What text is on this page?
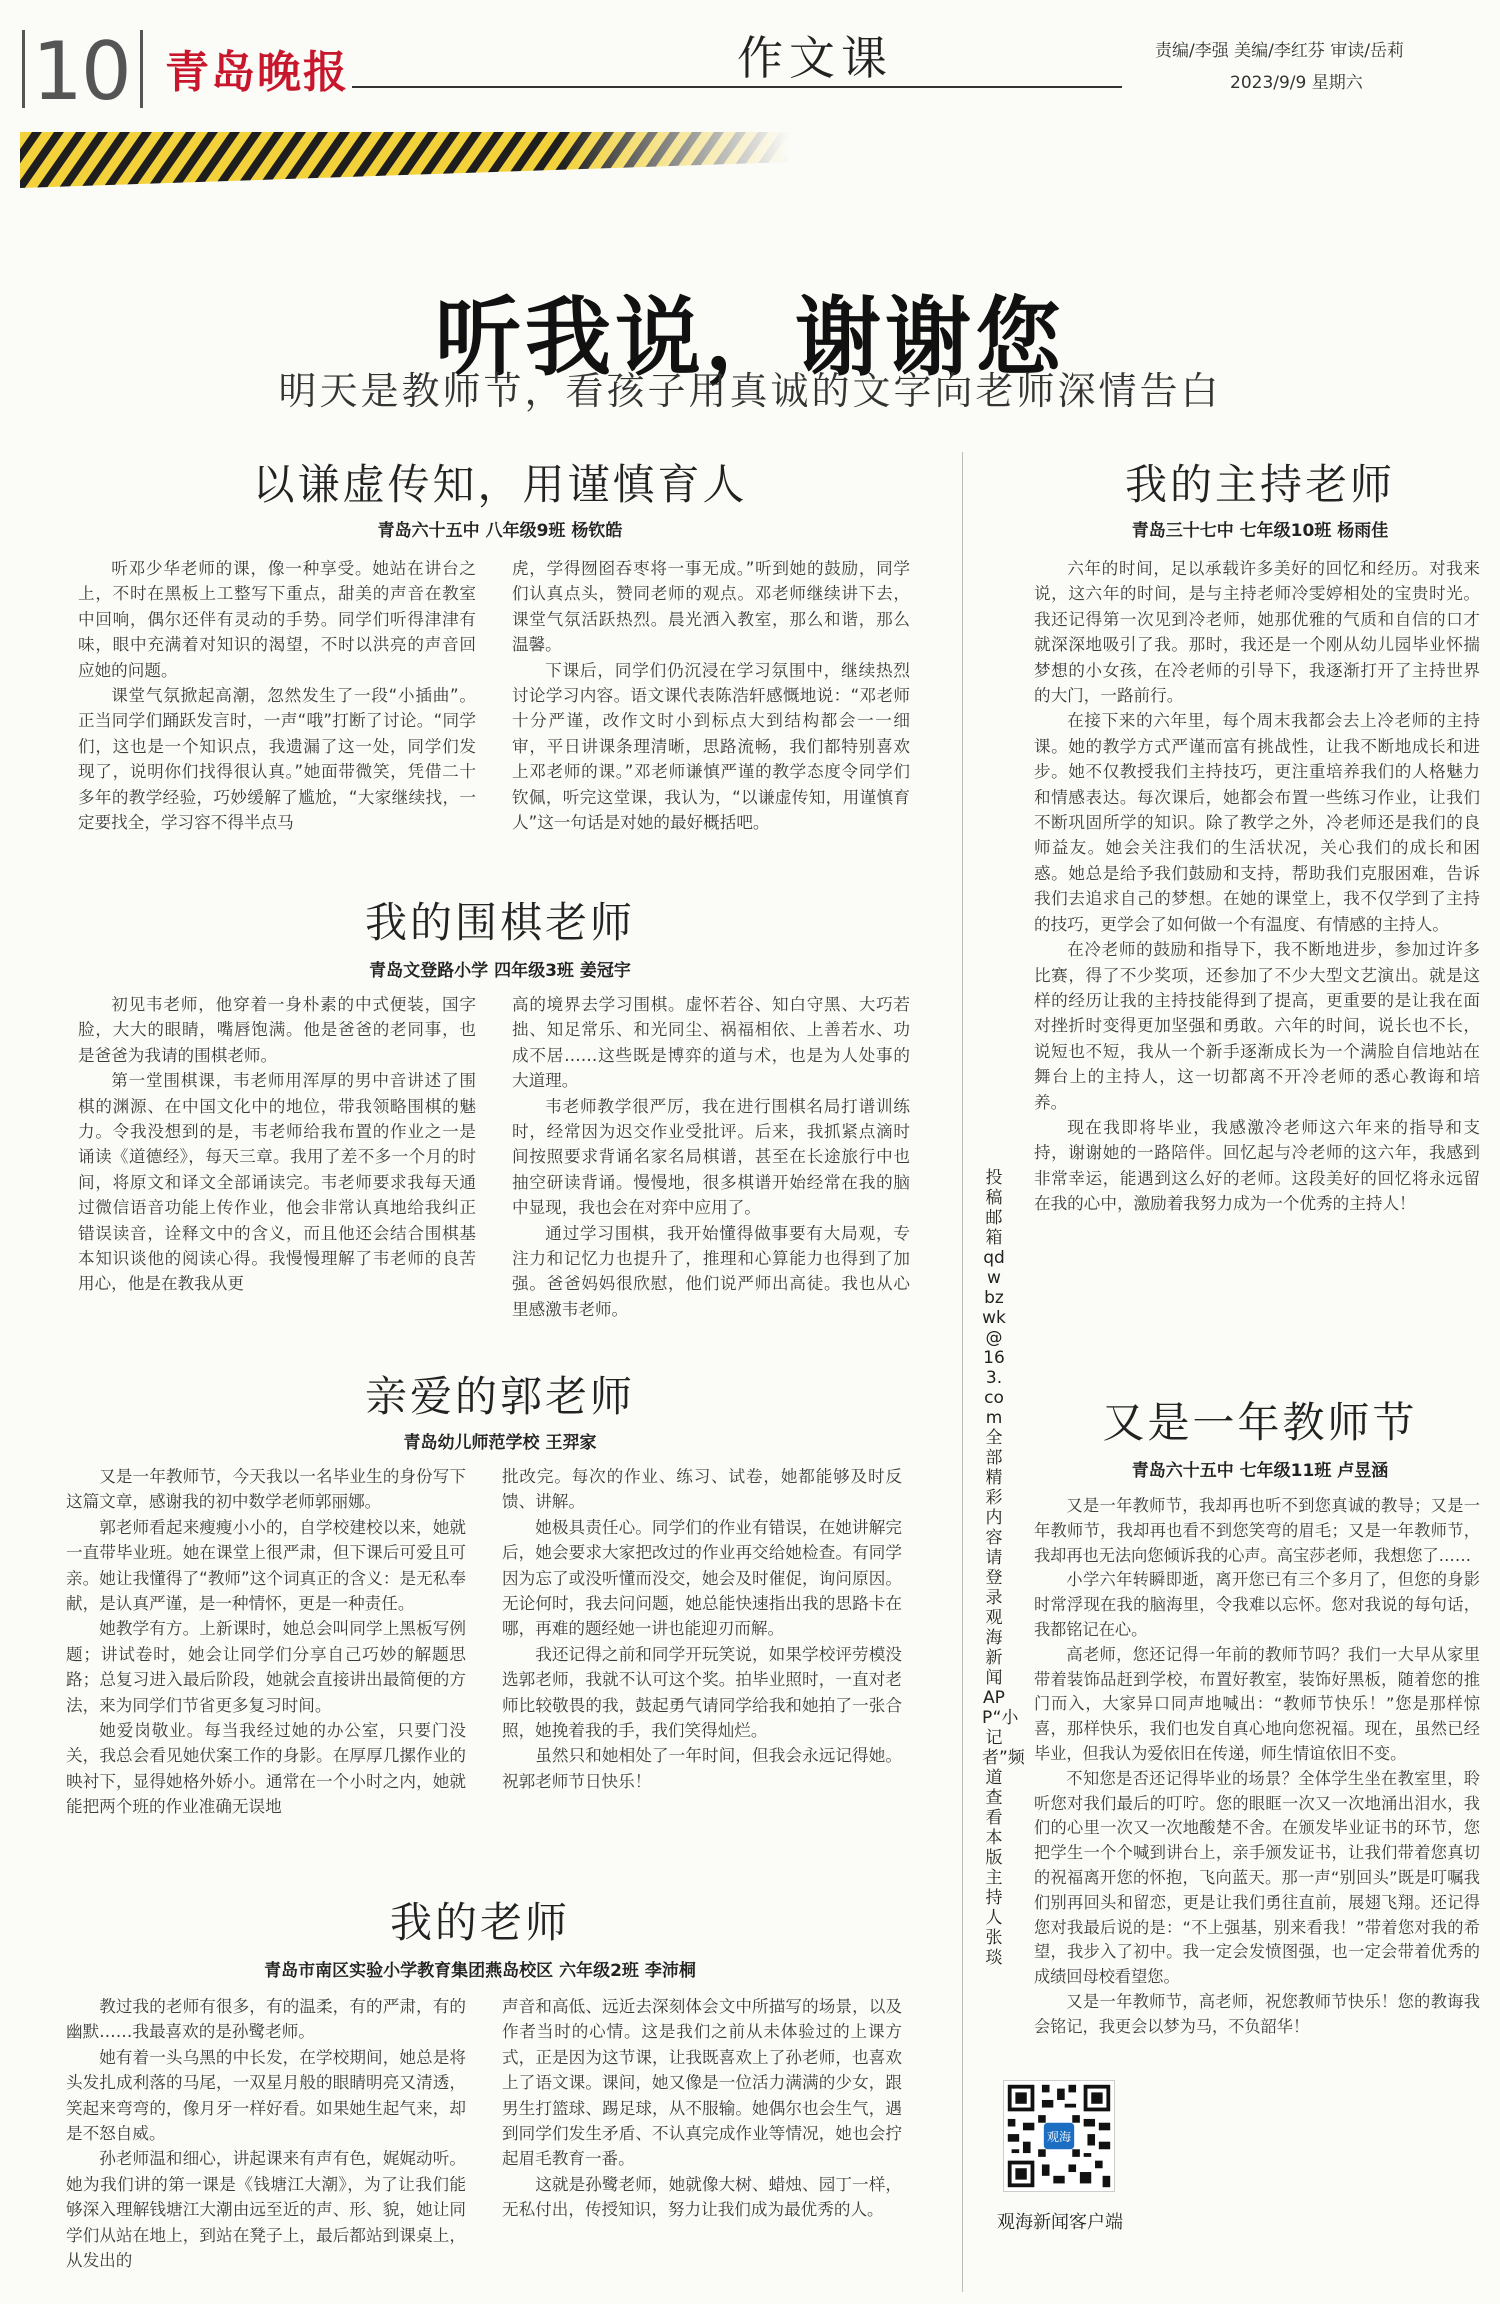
10 青岛晚报	作文课	责编/李强 美编/李红芬 审读/岳莉
2023/9/9 星期六
听我说，谢谢您
明天是教师节，看孩子用真诚的文字向老师深情告白
以谦虚传知，用谨慎育人
青岛六十五中 八年级9班 杨钦皓

听邓少华老师的课，像一种享受。她站在讲台之上，不时在黑板上工整写下重点，甜美的声音在教室中回响，偶尔还伴有灵动的手势。同学们听得津津有味，眼中充满着对知识的渴望，不时以洪亮的声音回应她的问题。

课堂气氛掀起高潮，忽然发生了一段“小插曲”。正当同学们踊跃发言时，一声“哦”打断了讨论。“同学们，这也是一个知识点，我遗漏了这一处，同学们发现了，说明你们找得很认真。”她面带微笑，凭借二十多年的教学经验，巧妙缓解了尴尬，“大家继续找，一定要找全，学习容不得半点马

虎，学得囫囵吞枣将一事无成。”听到她的鼓励，同学们认真点头，赞同老师的观点。邓老师继续讲下去，课堂气氛活跃热烈。晨光洒入教室，那么和谐，那么温馨。

下课后，同学们仍沉浸在学习氛围中，继续热烈讨论学习内容。语文课代表陈浩轩感慨地说：“邓老师十分严谨，改作文时小到标点大到结构都会一一细审，平日讲课条理清晰，思路流畅，我们都特别喜欢上邓老师的课。”邓老师谦慎严谨的教学态度令同学们钦佩，听完这堂课，我认为，“以谦虚传知，用谨慎育人”这一句话是对她的最好概括吧。

我的围棋老师
青岛文登路小学 四年级3班 姜冠宇

初见韦老师，他穿着一身朴素的中式便装，国字脸，大大的眼睛，嘴唇饱满。他是爸爸的老同事，也是爸爸为我请的围棋老师。

第一堂围棋课，韦老师用浑厚的男中音讲述了围棋的渊源、在中国文化中的地位，带我领略围棋的魅力。令我没想到的是，韦老师给我布置的作业之一是诵读《道德经》，每天三章。我用了差不多一个月的时间，将原文和译文全部诵读完。韦老师要求我每天通过微信语音功能上传作业，他会非常认真地给我纠正错误读音，诠释文中的含义，而且他还会结合围棋基本知识谈他的阅读心得。我慢慢理解了韦老师的良苦用心，他是在教我从更

高的境界去学习围棋。虚怀若谷、知白守黑、大巧若拙、知足常乐、和光同尘、祸福相依、上善若水、功成不居……这些既是博弈的道与术，也是为人处事的大道理。

韦老师教学很严厉，我在进行围棋名局打谱训练时，经常因为迟交作业受批评。后来，我抓紧点滴时间按照要求背诵名家名局棋谱，甚至在长途旅行中也抽空研读背诵。慢慢地，很多棋谱开始经常在我的脑中显现，我也会在对弈中应用了。

通过学习围棋，我开始懂得做事要有大局观，专注力和记忆力也提升了，推理和心算能力也得到了加强。爸爸妈妈很欣慰，他们说严师出高徒。我也从心里感激韦老师。

亲爱的郭老师
青岛幼儿师范学校 王羿家

又是一年教师节，今天我以一名毕业生的身份写下这篇文章，感谢我的初中数学老师郭丽娜。

郭老师看起来瘦瘦小小的，自学校建校以来，她就一直带毕业班。她在课堂上很严肃，但下课后可爱且可亲。她让我懂得了“教师”这个词真正的含义：是无私奉献，是认真严谨，是一种情怀，更是一种责任。

她教学有方。上新课时，她总会叫同学上黑板写例题；讲试卷时，她会让同学们分享自己巧妙的解题思路；总复习进入最后阶段，她就会直接讲出最简便的方法，来为同学们节省更多复习时间。

她爱岗敬业。每当我经过她的办公室，只要门没关，我总会看见她伏案工作的身影。在厚厚几摞作业的映衬下，显得她格外娇小。通常在一个小时之内，她就能把两个班的作业准确无误地

批改完。每次的作业、练习、试卷，她都能够及时反馈、讲解。

她极具责任心。同学们的作业有错误，在她讲解完后，她会要求大家把改过的作业再交给她检查。有同学因为忘了或没听懂而没交，她会及时催促，询问原因。无论何时，我去问问题，她总能快速指出我的思路卡在哪，再难的题经她一讲也能迎刃而解。

我还记得之前和同学开玩笑说，如果学校评劳模没选郭老师，我就不认可这个奖。拍毕业照时，一直对老师比较敬畏的我，鼓起勇气请同学给我和她拍了一张合照，她挽着我的手，我们笑得灿烂。

虽然只和她相处了一年时间，但我会永远记得她。祝郭老师节日快乐！

我的老师
青岛市南区实验小学教育集团燕岛校区 六年级2班 李沛桐

教过我的老师有很多，有的温柔，有的严肃，有的幽默……我最喜欢的是孙鹭老师。

她有着一头乌黑的中长发，在学校期间，她总是将头发扎成利落的马尾，一双星月般的眼睛明亮又清透，笑起来弯弯的，像月牙一样好看。如果她生起气来，却是不怒自威。

孙老师温和细心，讲起课来有声有色，娓娓动听。她为我们讲的第一课是《钱塘江大潮》，为了让我们能够深入理解钱塘江大潮由远至近的声、形、貌，她让同学们从站在地上，到站在凳子上，最后都站到课桌上，从发出的

声音和高低、远近去深刻体会文中所描写的场景，以及作者当时的心情。这是我们之前从未体验过的上课方式，正是因为这节课，让我既喜欢上了孙老师，也喜欢上了语文课。课间，她又像是一位活力满满的少女，跟男生打篮球、踢足球，从不服输。她偶尔也会生气，遇到同学们发生矛盾、不认真完成作业等情况，她也会拧起眉毛教育一番。

这就是孙鹭老师，她就像大树、蜡烛、园丁一样，无私付出，传授知识，努力让我们成为最优秀的人。

投稿邮箱qdwbzwk@163.com全部精彩内容请登录观海新闻APP“小记者”频道查看 本版主持人 张琰
我的主持老师
青岛三十七中 七年级10班 杨雨佳

六年的时间，足以承载许多美好的回忆和经历。对我来说，这六年的时间，是与主持老师冷雯婷相处的宝贵时光。我还记得第一次见到冷老师，她那优雅的气质和自信的口才就深深地吸引了我。那时，我还是一个刚从幼儿园毕业怀揣梦想的小女孩，在冷老师的引导下，我逐渐打开了主持世界的大门，一路前行。

在接下来的六年里，每个周末我都会去上冷老师的主持课。她的教学方式严谨而富有挑战性，让我不断地成长和进步。她不仅教授我们主持技巧，更注重培养我们的人格魅力和情感表达。每次课后，她都会布置一些练习作业，让我们不断巩固所学的知识。除了教学之外，冷老师还是我们的良师益友。她会关注我们的生活状况，关心我们的成长和困惑。她总是给予我们鼓励和支持，帮助我们克服困难，告诉我们去追求自己的梦想。在她的课堂上，我不仅学到了主持的技巧，更学会了如何做一个有温度、有情感的主持人。

在冷老师的鼓励和指导下，我不断地进步，参加过许多比赛，得了不少奖项，还参加了不少大型文艺演出。就是这样的经历让我的主持技能得到了提高，更重要的是让我在面对挫折时变得更加坚强和勇敢。六年的时间，说长也不长，说短也不短，我从一个新手逐渐成长为一个满脸自信地站在舞台上的主持人，这一切都离不开冷老师的悉心教诲和培养。

现在我即将毕业，我感激冷老师这六年来的指导和支持，谢谢她的一路陪伴。回忆起与冷老师的这六年，我感到非常幸运，能遇到这么好的老师。这段美好的回忆将永远留在我的心中，激励着我努力成为一个优秀的主持人！

又是一年教师节
青岛六十五中 七年级11班 卢昱涵

又是一年教师节，我却再也听不到您真诚的教导；又是一年教师节，我却再也看不到您笑弯的眉毛；又是一年教师节，我却再也无法向您倾诉我的心声。高宝莎老师，我想您了……

小学六年转瞬即逝，离开您已有三个多月了，但您的身影时常浮现在我的脑海里，令我难以忘怀。您对我说的每句话，我都铭记在心。

高老师，您还记得一年前的教师节吗？我们一大早从家里带着装饰品赶到学校，布置好教室，装饰好黑板，随着您的推门而入，大家异口同声地喊出：“教师节快乐！”您是那样惊喜，那样快乐，我们也发自真心地向您祝福。现在，虽然已经毕业，但我认为爱依旧在传递，师生情谊依旧不变。

不知您是否还记得毕业的场景？全体学生坐在教室里，聆听您对我们最后的叮咛。您的眼眶一次又一次地涌出泪水，我们的心里一次又一次地酸楚不舍。在颁发毕业证书的环节，您把学生一个个喊到讲台上，亲手颁发证书，让我们带着您真切的祝福离开您的怀抱，飞向蓝天。那一声“别回头”既是叮嘱我们别再回头和留恋，更是让我们勇往直前，展翅飞翔。还记得您对我最后说的是：“不上强基，别来看我！”带着您对我的希望，我步入了初中。我一定会发愤图强，也一定会带着优秀的成绩回母校看望您。

又是一年教师节，高老师，祝您教师节快乐！您的教诲我会铭记，我更会以梦为马，不负韶华！

观海
观海新闻客户端
